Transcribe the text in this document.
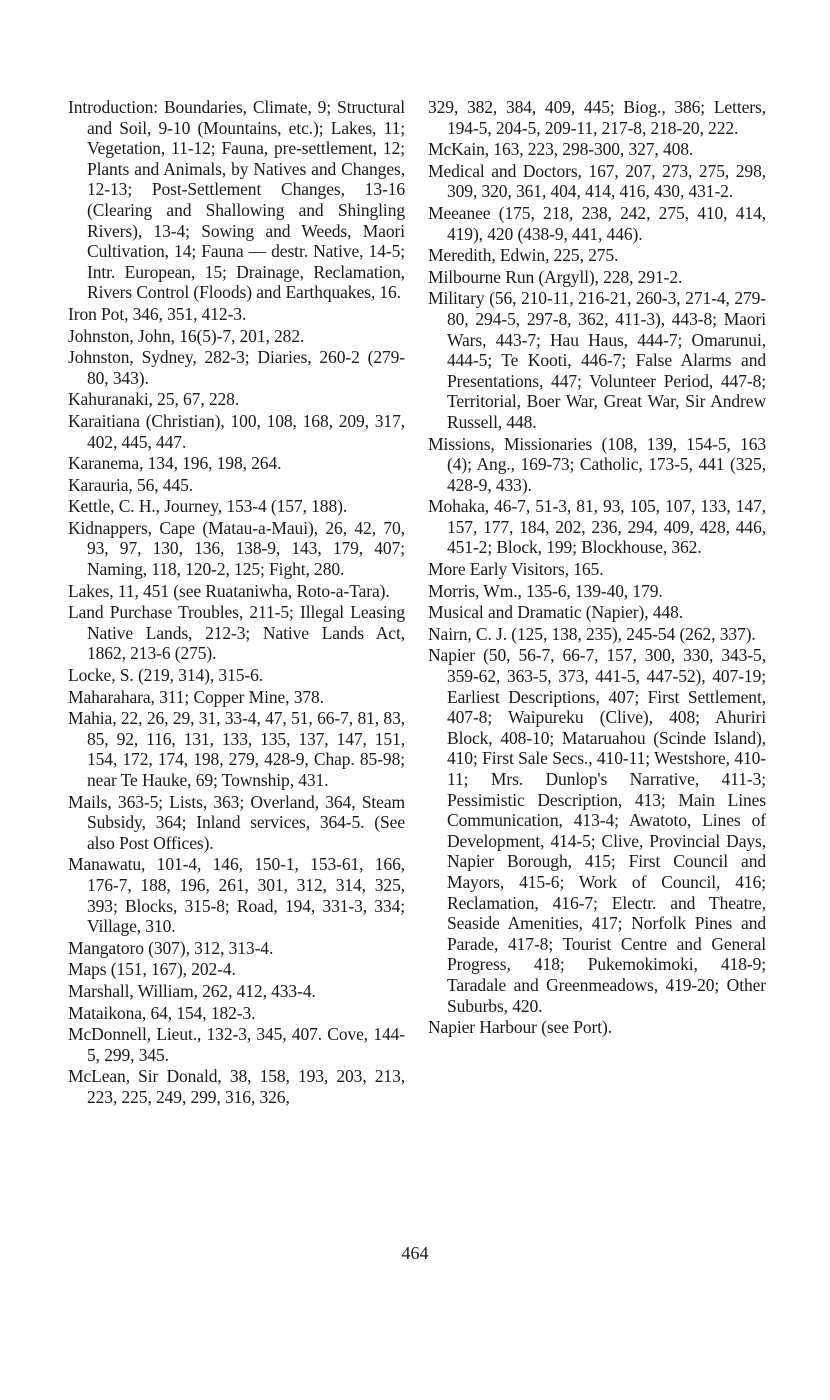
Introduction: Boundaries, Climate, 9; Structural and Soil, 9-10 (Mountains, etc.); Lakes, 11; Vegetation, 11-12; Fauna, pre-settlement, 12; Plants and Animals, by Natives and Changes, 12-13; Post-Settlement Changes, 13-16 (Clearing and Shallowing and Shingling Rivers), 13-4; Sowing and Weeds, Maori Cultivation, 14; Fauna — destr. Native, 14-5; Intr. European, 15; Drainage, Reclamation, Rivers Control (Floods) and Earthquakes, 16.

Iron Pot, 346, 351, 412-3.

Johnston, John, 16(5)-7, 201, 282.

Johnston, Sydney, 282-3; Diaries, 260-2 (279-80, 343).

Kahuranaki, 25, 67, 228.

Karaitiana (Christian), 100, 108, 168, 209, 317, 402, 445, 447.

Karanema, 134, 196, 198, 264.

Karauria, 56, 445.

Kettle, C. H., Journey, 153-4 (157, 188).

Kidnappers, Cape (Matau-a-Maui), 26, 42, 70, 93, 97, 130, 136, 138-9, 143, 179, 407; Naming, 118, 120-2, 125; Fight, 280.

Lakes, 11, 451 (see Ruataniwha, Roto-a-Tara).

Land Purchase Troubles, 211-5; Illegal Leasing Native Lands, 212-3; Native Lands Act, 1862, 213-6 (275).

Locke, S. (219, 314), 315-6.

Maharahara, 311; Copper Mine, 378.

Mahia, 22, 26, 29, 31, 33-4, 47, 51, 66-7, 81, 83, 85, 92, 116, 131, 133, 135, 137, 147, 151, 154, 172, 174, 198, 279, 428-9, Chap. 85-98; near Te Hauke, 69; Township, 431.

Mails, 363-5; Lists, 363; Overland, 364, Steam Subsidy, 364; Inland services, 364-5. (See also Post Offices).

Manawatu, 101-4, 146, 150-1, 153-61, 166, 176-7, 188, 196, 261, 301, 312, 314, 325, 393; Blocks, 315-8; Road, 194, 331-3, 334; Village, 310.

Mangatoro (307), 312, 313-4.

Maps (151, 167), 202-4.

Marshall, William, 262, 412, 433-4.

Mataikona, 64, 154, 182-3.

McDonnell, Lieut., 132-3, 345, 407. Cove, 144-5, 299, 345.

McLean, Sir Donald, 38, 158, 193, 203, 213, 223, 225, 249, 299, 316, 326,

329, 382, 384, 409, 445; Biog., 386; Letters, 194-5, 204-5, 209-11, 217-8, 218-20, 222.

McKain, 163, 223, 298-300, 327, 408.

Medical and Doctors, 167, 207, 273, 275, 298, 309, 320, 361, 404, 414, 416, 430, 431-2.

Meeanee (175, 218, 238, 242, 275, 410, 414, 419), 420 (438-9, 441, 446).

Meredith, Edwin, 225, 275.

Milbourne Run (Argyll), 228, 291-2.

Military (56, 210-11, 216-21, 260-3, 271-4, 279-80, 294-5, 297-8, 362, 411-3), 443-8; Maori Wars, 443-7; Hau Haus, 444-7; Omarunui, 444-5; Te Kooti, 446-7; False Alarms and Presentations, 447; Volunteer Period, 447-8; Territorial, Boer War, Great War, Sir Andrew Russell, 448.

Missions, Missionaries (108, 139, 154-5, 163 (4); Ang., 169-73; Catholic, 173-5, 441 (325, 428-9, 433).

Mohaka, 46-7, 51-3, 81, 93, 105, 107, 133, 147, 157, 177, 184, 202, 236, 294, 409, 428, 446, 451-2; Block, 199; Blockhouse, 362.

More Early Visitors, 165.

Morris, Wm., 135-6, 139-40, 179.

Musical and Dramatic (Napier), 448.

Nairn, C. J. (125, 138, 235), 245-54 (262, 337).

Napier (50, 56-7, 66-7, 157, 300, 330, 343-5, 359-62, 363-5, 373, 441-5, 447-52), 407-19; Earliest Descriptions, 407; First Settlement, 407-8; Waipureku (Clive), 408; Ahuriri Block, 408-10; Mataruahou (Scinde Island), 410; First Sale Secs., 410-11; Westshore, 410-11; Mrs. Dunlop's Narrative, 411-3; Pessimistic Description, 413; Main Lines Communication, 413-4; Awatoto, Lines of Development, 414-5; Clive, Provincial Days, Napier Borough, 415; First Council and Mayors, 415-6; Work of Council, 416; Reclamation, 416-7; Electr. and Theatre, Seaside Amenities, 417; Norfolk Pines and Parade, 417-8; Tourist Centre and General Progress, 418; Pukemokimoki, 418-9; Taradale and Greenmeadows, 419-20; Other Suburbs, 420.

Napier Harbour (see Port).

464
